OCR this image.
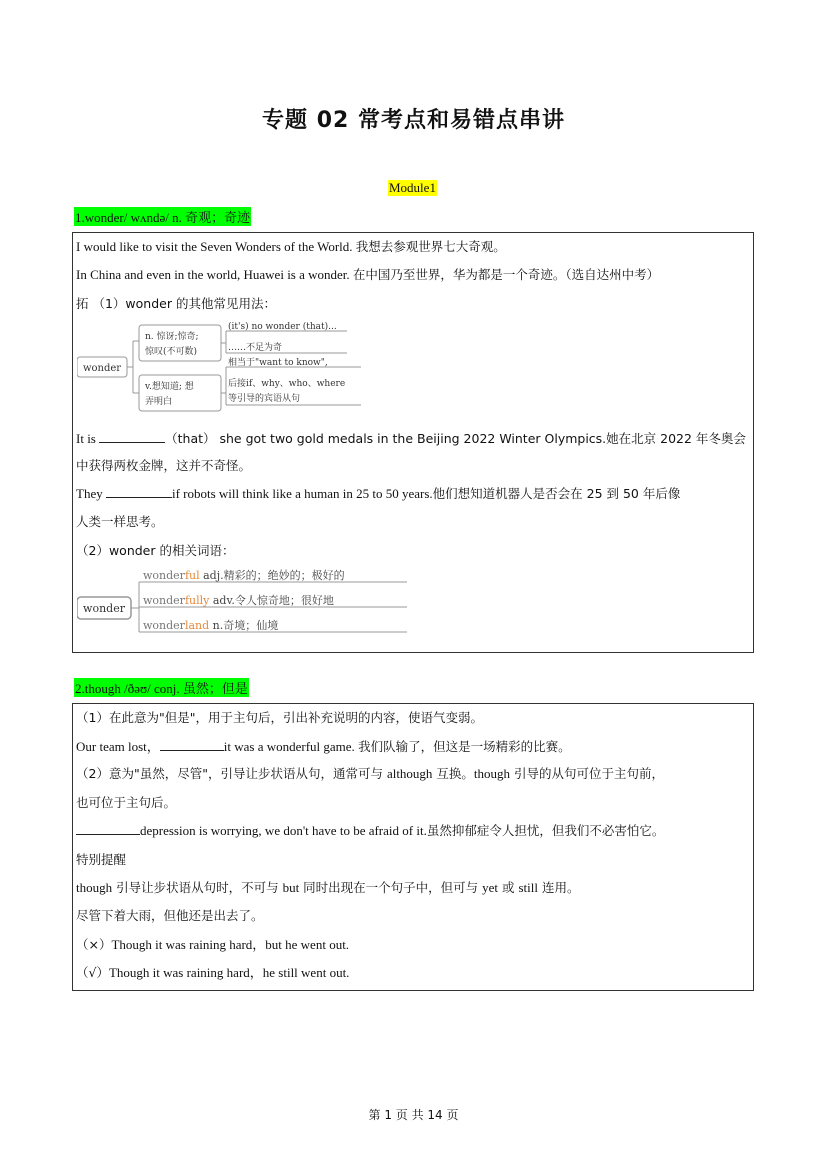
专题 02 常考点和易错点串讲
Module1
1.wonder/ wʌndə/ n. 奇观；奇迹
I would like to visit the Seven Wonders of the World. 我想去参观世界七大奇观。
In China and even in the world, Huawei is a wonder. 在中国乃至世界，华为都是一个奇迹。（选自达州中考）
拓 （1）wonder 的其他常见用法：
wonder
n. 惊讶;惊奇;
惊叹(不可数)
(it's) no wonder (that)...
……不足为奇
v.想知道; 想
弄明白
相当于"want to know",
后接if、why、who、where
等引导的宾语从句
It is	（that） she got two gold medals in the Beijing 2022 Winter Olympics.她在北京 2022 年冬奥会
中获得两枚金牌，这并不奇怪。
They	if robots will think like a human in 25 to 50 years.他们想知道机器人是否会在 25 到 50 年后像
人类一样思考。
（2）wonder 的相关词语：
wonder
wonderful adj.精彩的；绝妙的；极好的
wonderfully adv.令人惊奇地；很好地
wonderland n.奇境；仙境
2.though /ðəʊ/ conj. 虽然；但是
（1）在此意为"但是"，用于主句后，引出补充说明的内容，使语气变弱。
Our team lost，	it was a wonderful game. 我们队输了，但这是一场精彩的比赛。
（2）意为"虽然，尽管"，引导让步状语从句，通常可与 although 互换。though 引导的从句可位于主句前，
也可位于主句后。
depression is worrying, we don't have to be afraid of it.虽然抑郁症令人担忧，但我们不必害怕它。
特别提醒
though 引导让步状语从句时，不可与 but 同时出现在一个句子中，但可与 yet 或 still 连用。
尽管下着大雨，但他还是出去了。
（×）Though it was raining hard，but he went out.
（√）Though it was raining hard，he still went out.
第 1 页 共 14 页
